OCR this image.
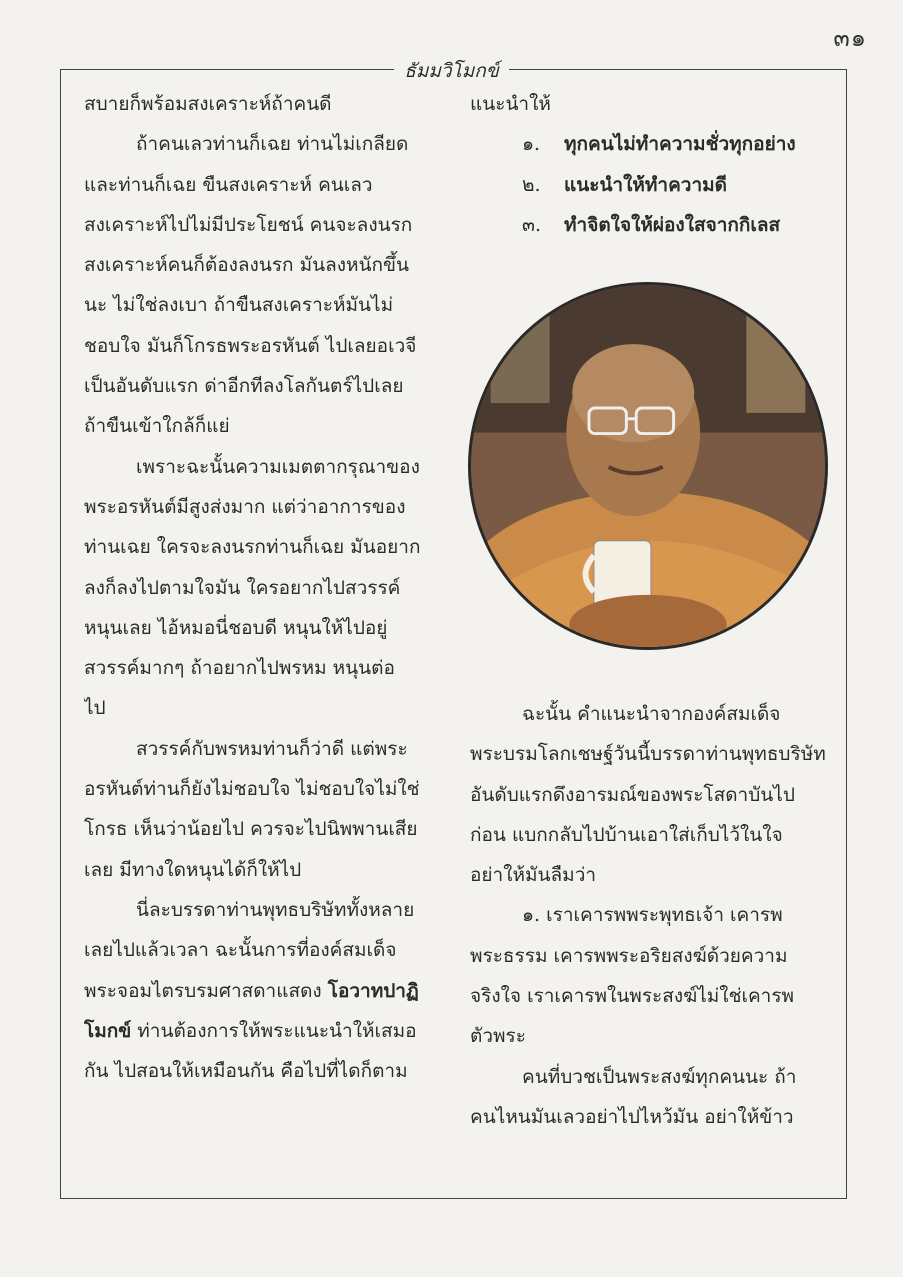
๓๑
ธัมมวิโมกข์
สบายก็พร้อมสงเคราะห์ถ้าคนดี
ถ้าคนเลวท่านก็เฉย ท่านไม่เกลียด
และท่านก็เฉย ขืนสงเคราะห์ คนเลว
สงเคราะห์ไปไม่มีประโยชน์ คนจะลงนรก
สงเคราะห์คนก็ต้องลงนรก มันลงหนักขึ้น
นะ ไม่ใช่ลงเบา ถ้าขืนสงเคราะห์มันไม่
ชอบใจ มันก็โกรธพระอรหันต์ ไปเลยอเวจี
เป็นอันดับแรก ด่าอีกทีลงโลกันตร์ไปเลย
ถ้าขืนเข้าใกล้ก็แย่
เพราะฉะนั้นความเมตตากรุณาของ
พระอรหันต์มีสูงส่งมาก แต่ว่าอาการของ
ท่านเฉย ใครจะลงนรกท่านก็เฉย มันอยาก
ลงก็ลงไปตามใจมัน ใครอยากไปสวรรค์
หนุนเลย ไอ้หมอนี่ชอบดี หนุนให้ไปอยู่
สวรรค์มากๆ ถ้าอยากไปพรหม หนุนต่อ
ไป
สวรรค์กับพรหมท่านก็ว่าดี แต่พระ
อรหันต์ท่านก็ยังไม่ชอบใจ ไม่ชอบใจไม่ใช่
โกรธ เห็นว่าน้อยไป ควรจะไปนิพพานเสีย
เลย มีทางใดหนุนได้ก็ให้ไป
นี่ละบรรดาท่านพุทธบริษัททั้งหลาย
เลยไปแล้วเวลา ฉะนั้นการที่องค์สมเด็จ
พระจอมไตรบรมศาสดาแสดง โอวาทปาฏิ
โมกข์ ท่านต้องการให้พระแนะนำให้เสมอ
กัน ไปสอนให้เหมือนกัน คือไปที่ไดก็ตาม
แนะนำให้
๑. ทุกคนไม่ทำความชั่วทุกอย่าง
๒. แนะนำให้ทำความดี
๓. ทำจิตใจให้ผ่องใสจากกิเลส
ฉะนั้น คำแนะนำจากองค์สมเด็จ
พระบรมโลกเชษฐ์วันนี้บรรดาท่านพุทธบริษัท
อันดับแรกดึงอารมณ์ของพระโสดาบันไป
ก่อน แบกกลับไปบ้านเอาใส่เก็บไว้ในใจ
อย่าให้มันลืมว่า
๑. เราเคารพพระพุทธเจ้า เคารพ
พระธรรม เคารพพระอริยสงฆ์ด้วยความ
จริงใจ เราเคารพในพระสงฆ์ไม่ใช่เคารพ
ตัวพระ
คนที่บวชเป็นพระสงฆ์ทุกคนนะ ถ้า
คนไหนมันเลวอย่าไปไหว้มัน อย่าให้ข้าว
